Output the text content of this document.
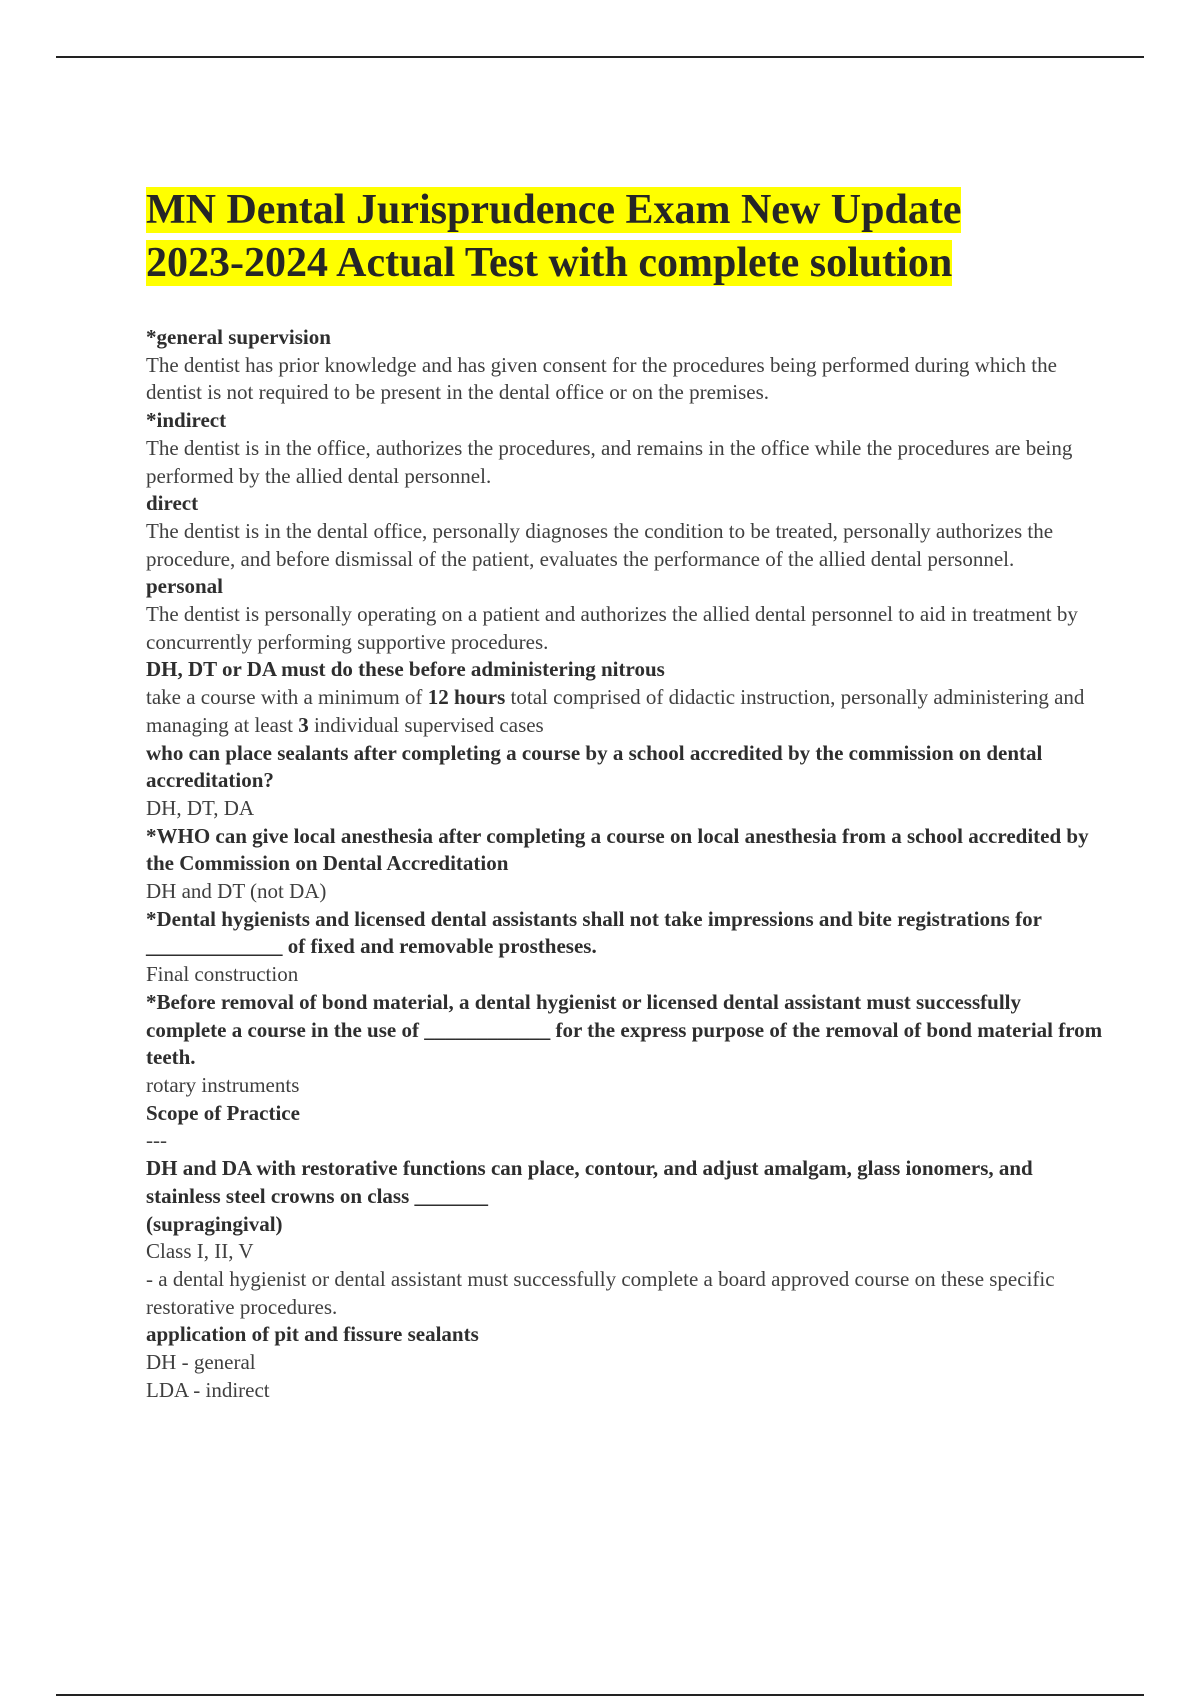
MN Dental Jurisprudence Exam New Update
2023-2024 Actual Test with complete solution

*general supervision

The dentist has prior knowledge and has given consent for the procedures being performed during which the dentist is not required to be present in the dental office or on the premises.

*indirect

The dentist is in the office, authorizes the procedures, and remains in the office while the procedures are being performed by the allied dental personnel.

direct

The dentist is in the dental office, personally diagnoses the condition to be treated, personally authorizes the procedure, and before dismissal of the patient, evaluates the performance of the allied dental personnel.

personal

The dentist is personally operating on a patient and authorizes the allied dental personnel to aid in treatment by concurrently performing supportive procedures.

DH, DT or DA must do these before administering nitrous

take a course with a minimum of 12 hours total comprised of didactic instruction, personally administering and managing at least 3 individual supervised cases

who can place sealants after completing a course by a school accredited by the commission on dental accreditation?

DH, DT, DA

*WHO can give local anesthesia after completing a course on local anesthesia from a school accredited by the Commission on Dental Accreditation

DH and DT (not DA)

*Dental hygienists and licensed dental assistants shall not take impressions and bite registrations for _____________ of fixed and removable prostheses.

Final construction

*Before removal of bond material, a dental hygienist or licensed dental assistant must successfully complete a course in the use of ____________ for the express purpose of the removal of bond material from teeth.

rotary instruments

Scope of Practice

---

DH and DA with restorative functions can place, contour, and adjust amalgam, glass ionomers, and stainless steel crowns on class _______

(supragingival)

Class I, II, V

- a dental hygienist or dental assistant must successfully complete a board approved course on these specific restorative procedures.

application of pit and fissure sealants

DH - general

LDA - indirect
